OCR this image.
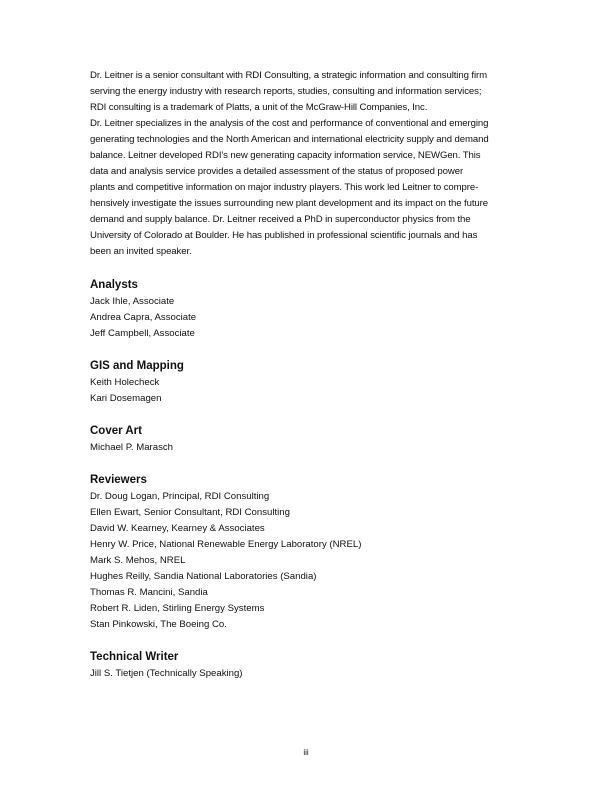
Dr. Leitner is a senior consultant with RDI Consulting, a strategic information and consulting firm
serving the energy industry with research reports, studies, consulting and information services;
RDI consulting is a trademark of Platts, a unit of the McGraw-Hill Companies, Inc.
Dr. Leitner specializes in the analysis of the cost and performance of conventional and emerging
generating technologies and the North American and international electricity supply and demand
balance. Leitner developed RDI's new generating capacity information service, NEWGen. This
data and analysis service provides a detailed assessment of the status of proposed power
plants and competitive information on major industry players. This work led Leitner to compre-
hensively investigate the issues surrounding new plant development and its impact on the future
demand and supply balance. Dr. Leitner received a PhD in superconductor physics from the
University of Colorado at Boulder. He has published in professional scientific journals and has
been an invited speaker.

Analysts
Jack Ihle, Associate
Andrea Capra, Associate
Jeff Campbell, Associate
GIS and Mapping
Keith Holecheck
Kari Dosemagen
Cover Art
Michael P. Marasch
Reviewers
Dr. Doug Logan, Principal, RDI Consulting
Ellen Ewart, Senior Consultant, RDI Consulting
David W. Kearney, Kearney & Associates
Henry W. Price, National Renewable Energy Laboratory (NREL)
Mark S. Mehos, NREL
Hughes Reilly, Sandia National Laboratories (Sandia)
Thomas R. Mancini, Sandia
Robert R. Liden, Stirling Energy Systems
Stan Pinkowski, The Boeing Co.
Technical Writer
Jill S. Tietjen (Technically Speaking)
iii
